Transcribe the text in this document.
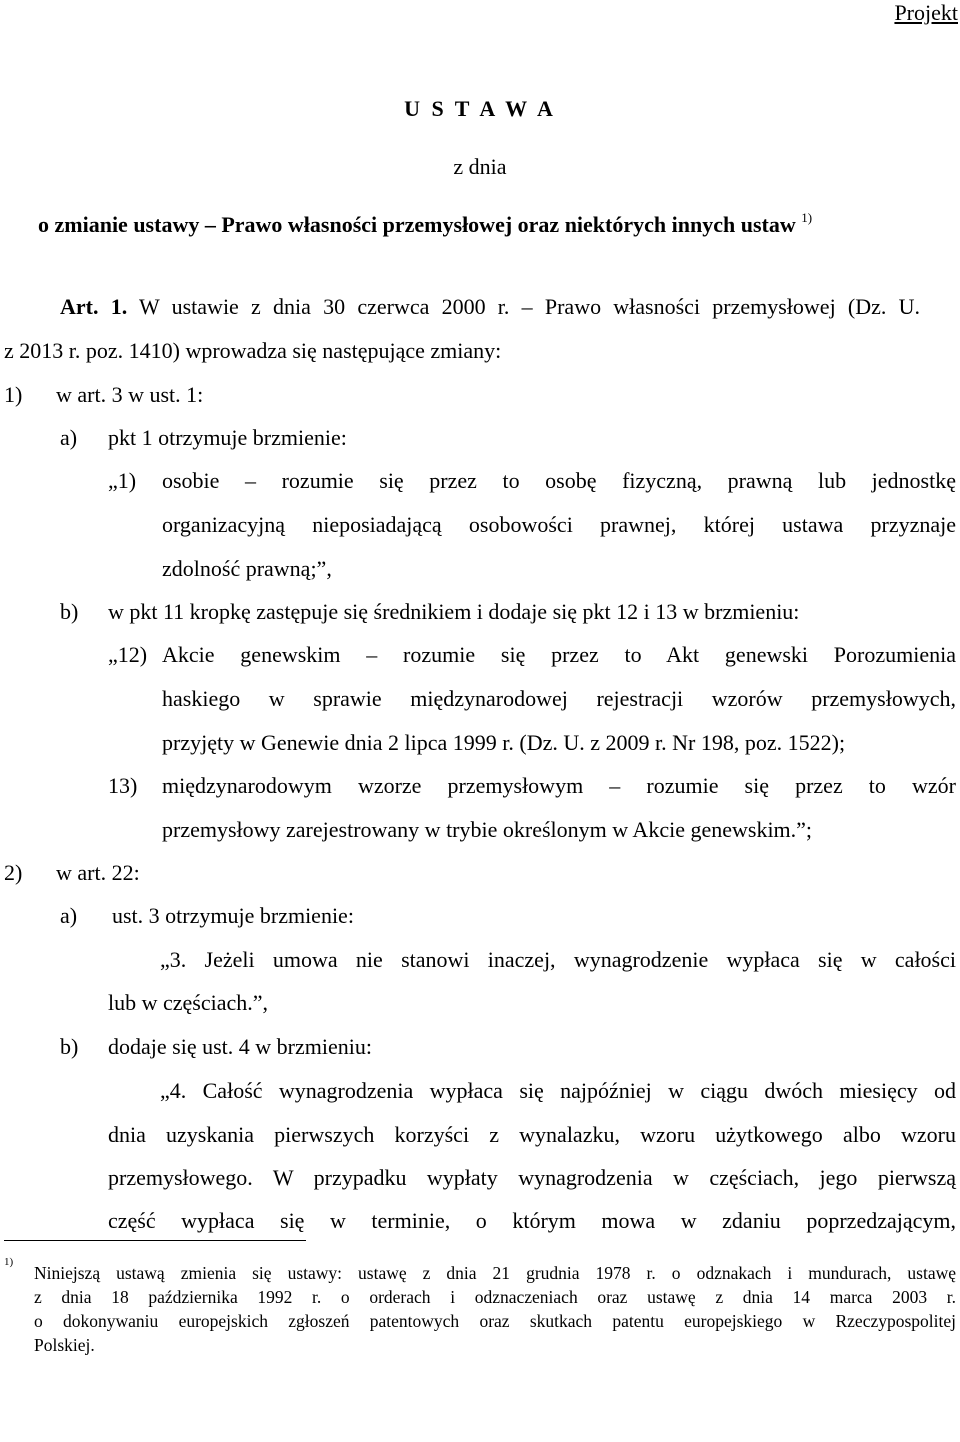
Projekt
U S T A W A
z dnia
o zmianie ustawy – Prawo własności przemysłowej oraz niektórych innych ustaw $^{1)}$
Art. 1. W ustawie z dnia 30 czerwca 2000 r. – Prawo własności przemysłowej (Dz. U.
z 2013 r. poz. 1410) wprowadza się następujące zmiany:
1) w art. 3 w ust. 1:
a) pkt 1 otrzymuje brzmienie:
„1) osobie – rozumie się przez to osobę fizyczną, prawną lub jednostkę
organizacyjną nieposiadającą osobowości prawnej, której ustawa przyznaje
zdolność prawną;”,
b) w pkt 11 kropkę zastępuje się średnikiem i dodaje się pkt 12 i 13 w brzmieniu:
„12) Akcie genewskim – rozumie się przez to Akt genewski Porozumienia
haskiego w sprawie międzynarodowej rejestracji wzorów przemysłowych,
przyjęty w Genewie dnia 2 lipca 1999 r. (Dz. U. z 2009 r. Nr 198, poz. 1522);
13) międzynarodowym wzorze przemysłowym – rozumie się przez to wzór
przemysłowy zarejestrowany w trybie określonym w Akcie genewskim.”;
2) w art. 22:
a) ust. 3 otrzymuje brzmienie:
„3. Jeżeli umowa nie stanowi inaczej, wynagrodzenie wypłaca się w całości
lub w częściach.”,
b) dodaje się ust. 4 w brzmieniu:
„4. Całość wynagrodzenia wypłaca się najpóźniej w ciągu dwóch miesięcy od
dnia uzyskania pierwszych korzyści z wynalazku, wzoru użytkowego albo wzoru
przemysłowego. W przypadku wypłaty wynagrodzenia w częściach, jego pierwszą
część wypłaca się w terminie, o którym mowa w zdaniu poprzedzającym,
1)
Niniejszą ustawą zmienia się ustawy: ustawę z dnia 21 grudnia 1978 r. o odznakach i mundurach, ustawę
z dnia 18 października 1992 r. o orderach i odznaczeniach oraz ustawę z dnia 14 marca 2003 r.
o dokonywaniu europejskich zgłoszeń patentowych oraz skutkach patentu europejskiego w Rzeczypospolitej
Polskiej.
